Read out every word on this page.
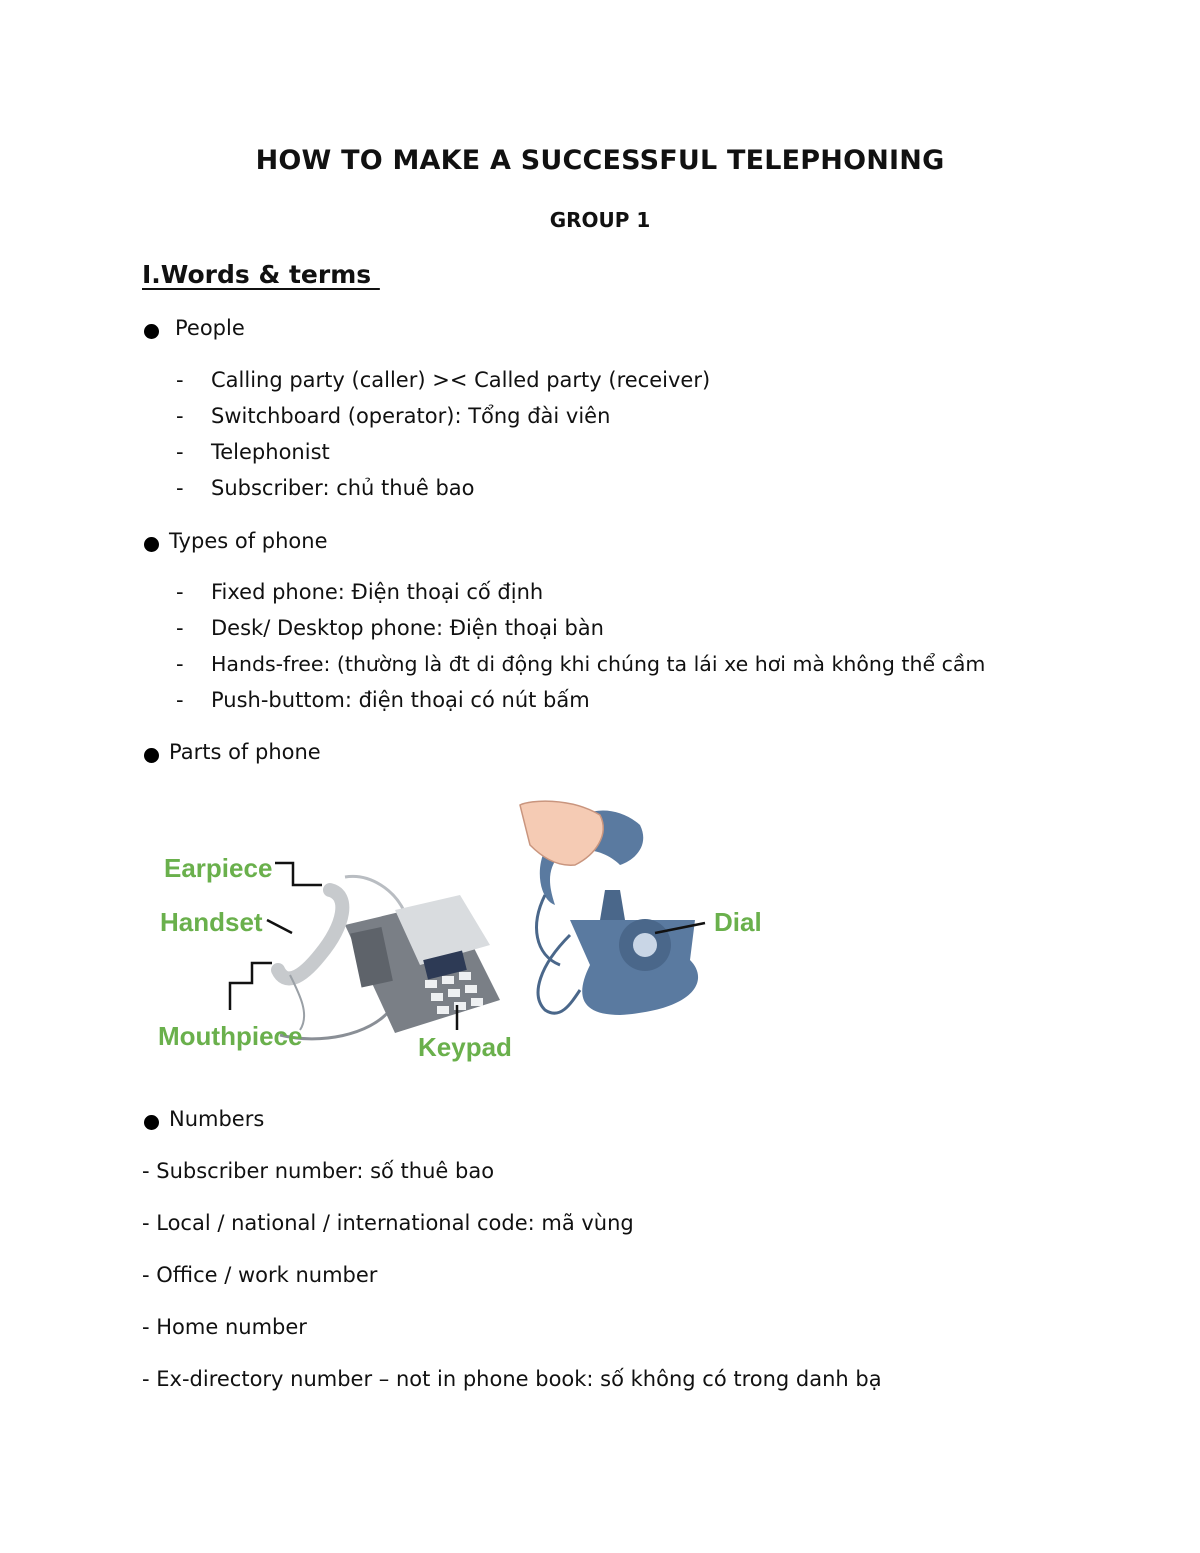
HOW TO MAKE A SUCCESSFUL TELEPHONING
GROUP 1
I.Words & terms
People
- Calling party (caller) >< Called party (receiver)
- Switchboard (operator): Tổng đài viên
- Telephonist
- Subscriber: chủ thuê bao
Types of phone
- Fixed phone: Điện thoại cố định
- Desk/ Desktop phone: Điện thoại bàn
- Hands-free: (thường là đt di động khi chúng ta lái xe hơi mà không thể cầm
- Push-buttom: điện thoại có nút bấm
Parts of phone
Earpiece
Handset
Mouthpiece	Keypad
Dial
Numbers
- Subscriber number: số thuê bao
- Local / national / international code: mã vùng
- Office / work number
- Home number
- Ex-directory number – not in phone book: số không có trong danh bạ
